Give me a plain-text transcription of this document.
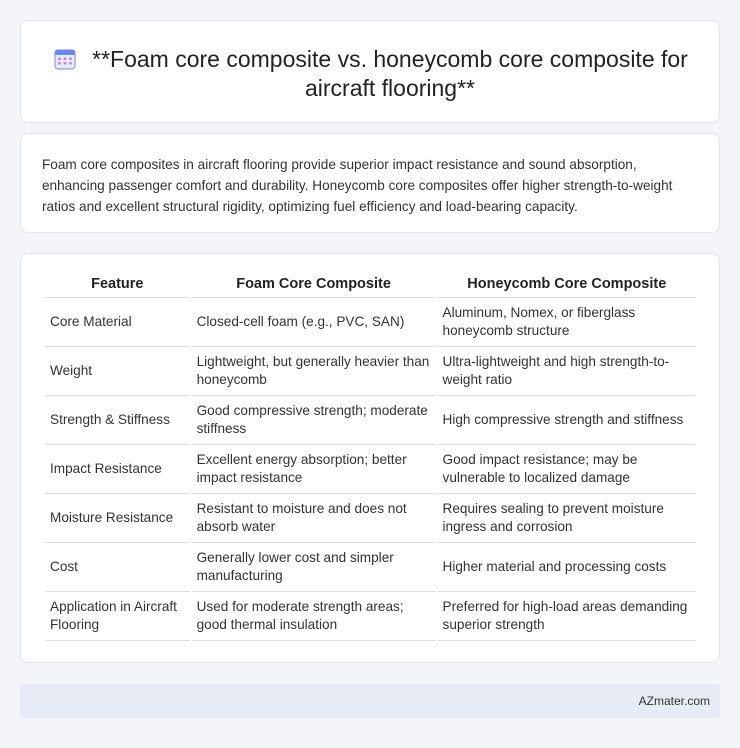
**Foam core composite vs. honeycomb core composite for aircraft flooring**

Foam core composites in aircraft flooring provide superior impact resistance and sound absorption, enhancing passenger comfort and durability. Honeycomb core composites offer higher strength-to-weight ratios and excellent structural rigidity, optimizing fuel efficiency and load-bearing capacity.

Feature	Foam Core Composite	Honeycomb Core Composite
Core Material	Closed-cell foam (e.g., PVC, SAN)	Aluminum, Nomex, or fiberglass honeycomb structure
Weight	Lightweight, but generally heavier than honeycomb	Ultra-lightweight and high strength-to-weight ratio
Strength & Stiffness	Good compressive strength; moderate stiffness	High compressive strength and stiffness
Impact Resistance	Excellent energy absorption; better impact resistance	Good impact resistance; may be vulnerable to localized damage
Moisture Resistance	Resistant to moisture and does not absorb water	Requires sealing to prevent moisture ingress and corrosion
Cost	Generally lower cost and simpler manufacturing	Higher material and processing costs
Application in Aircraft Flooring	Used for moderate strength areas; good thermal insulation	Preferred for high-load areas demanding superior strength
AZmater.com
